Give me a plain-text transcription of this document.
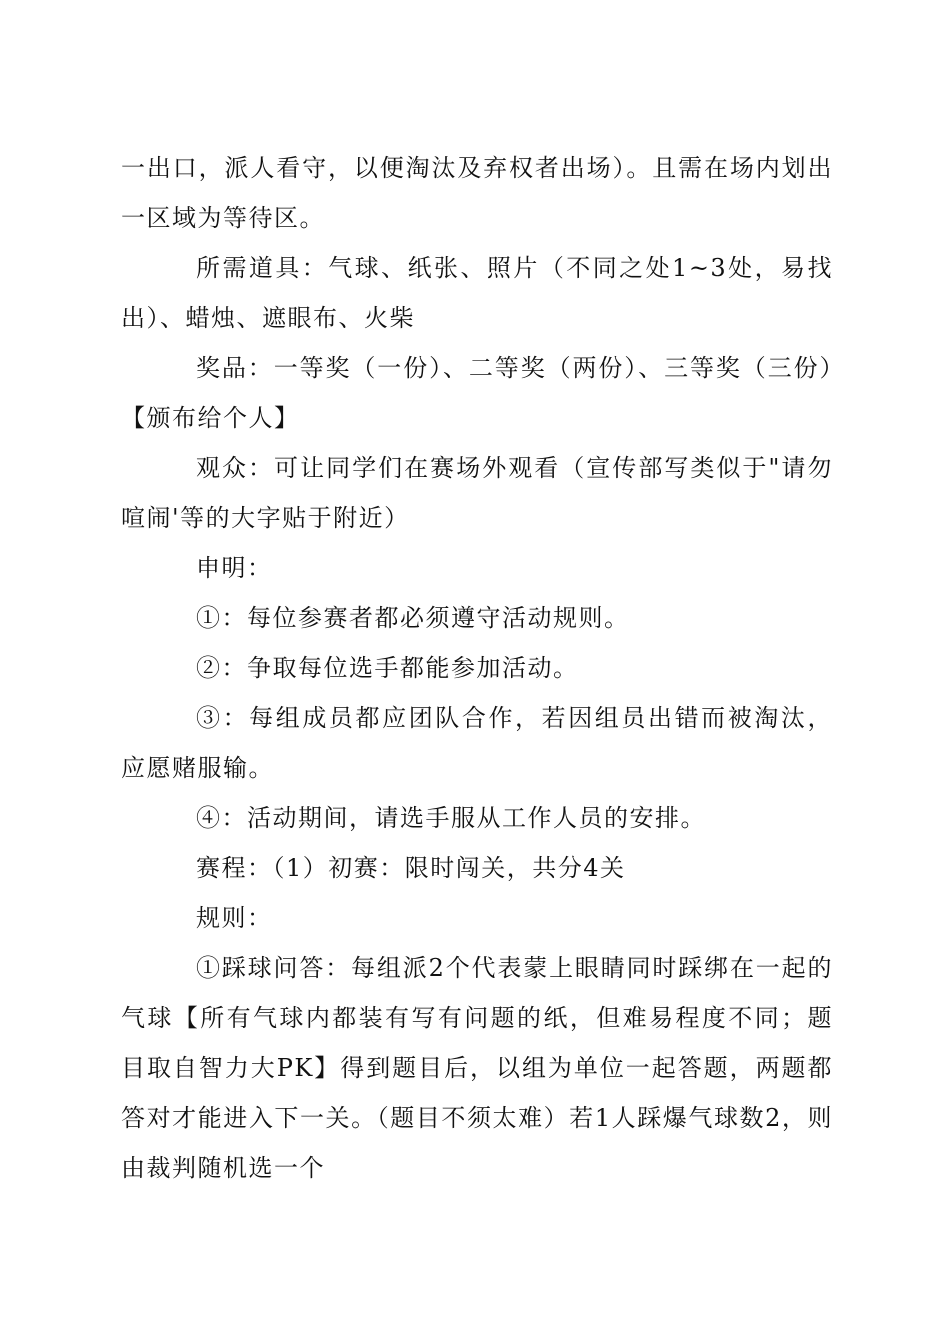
一出口，派人看守，以便淘汰及弃权者出场）。且需在场内划出一区域为等待区。

所需道具：气球、纸张、照片（不同之处1~3处，易找出）、蜡烛、遮眼布、火柴

奖品：一等奖（一份）、二等奖（两份）、三等奖（三份）　【颁布给个人】

观众：可让同学们在赛场外观看（宣传部写类似于"请勿喧闹'等的大字贴于附近）

申明：

①：每位参赛者都必须遵守活动规则。

②：争取每位选手都能参加活动。

③：每组成员都应团队合作，若因组员出错而被淘汰，应愿赌服输。

④：活动期间，请选手服从工作人员的安排。

赛程：（1）初赛：限时闯关，共分4关

规则：

①踩球问答：每组派2个代表蒙上眼睛同时踩绑在一起的气球【所有气球内都装有写有问题的纸，但难易程度不同；题目取自智力大PK】得到题目后，以组为单位一起答题，两题都答对才能进入下一关。（题目不须太难）若1人踩爆气球数2，则由裁判随机选一个
